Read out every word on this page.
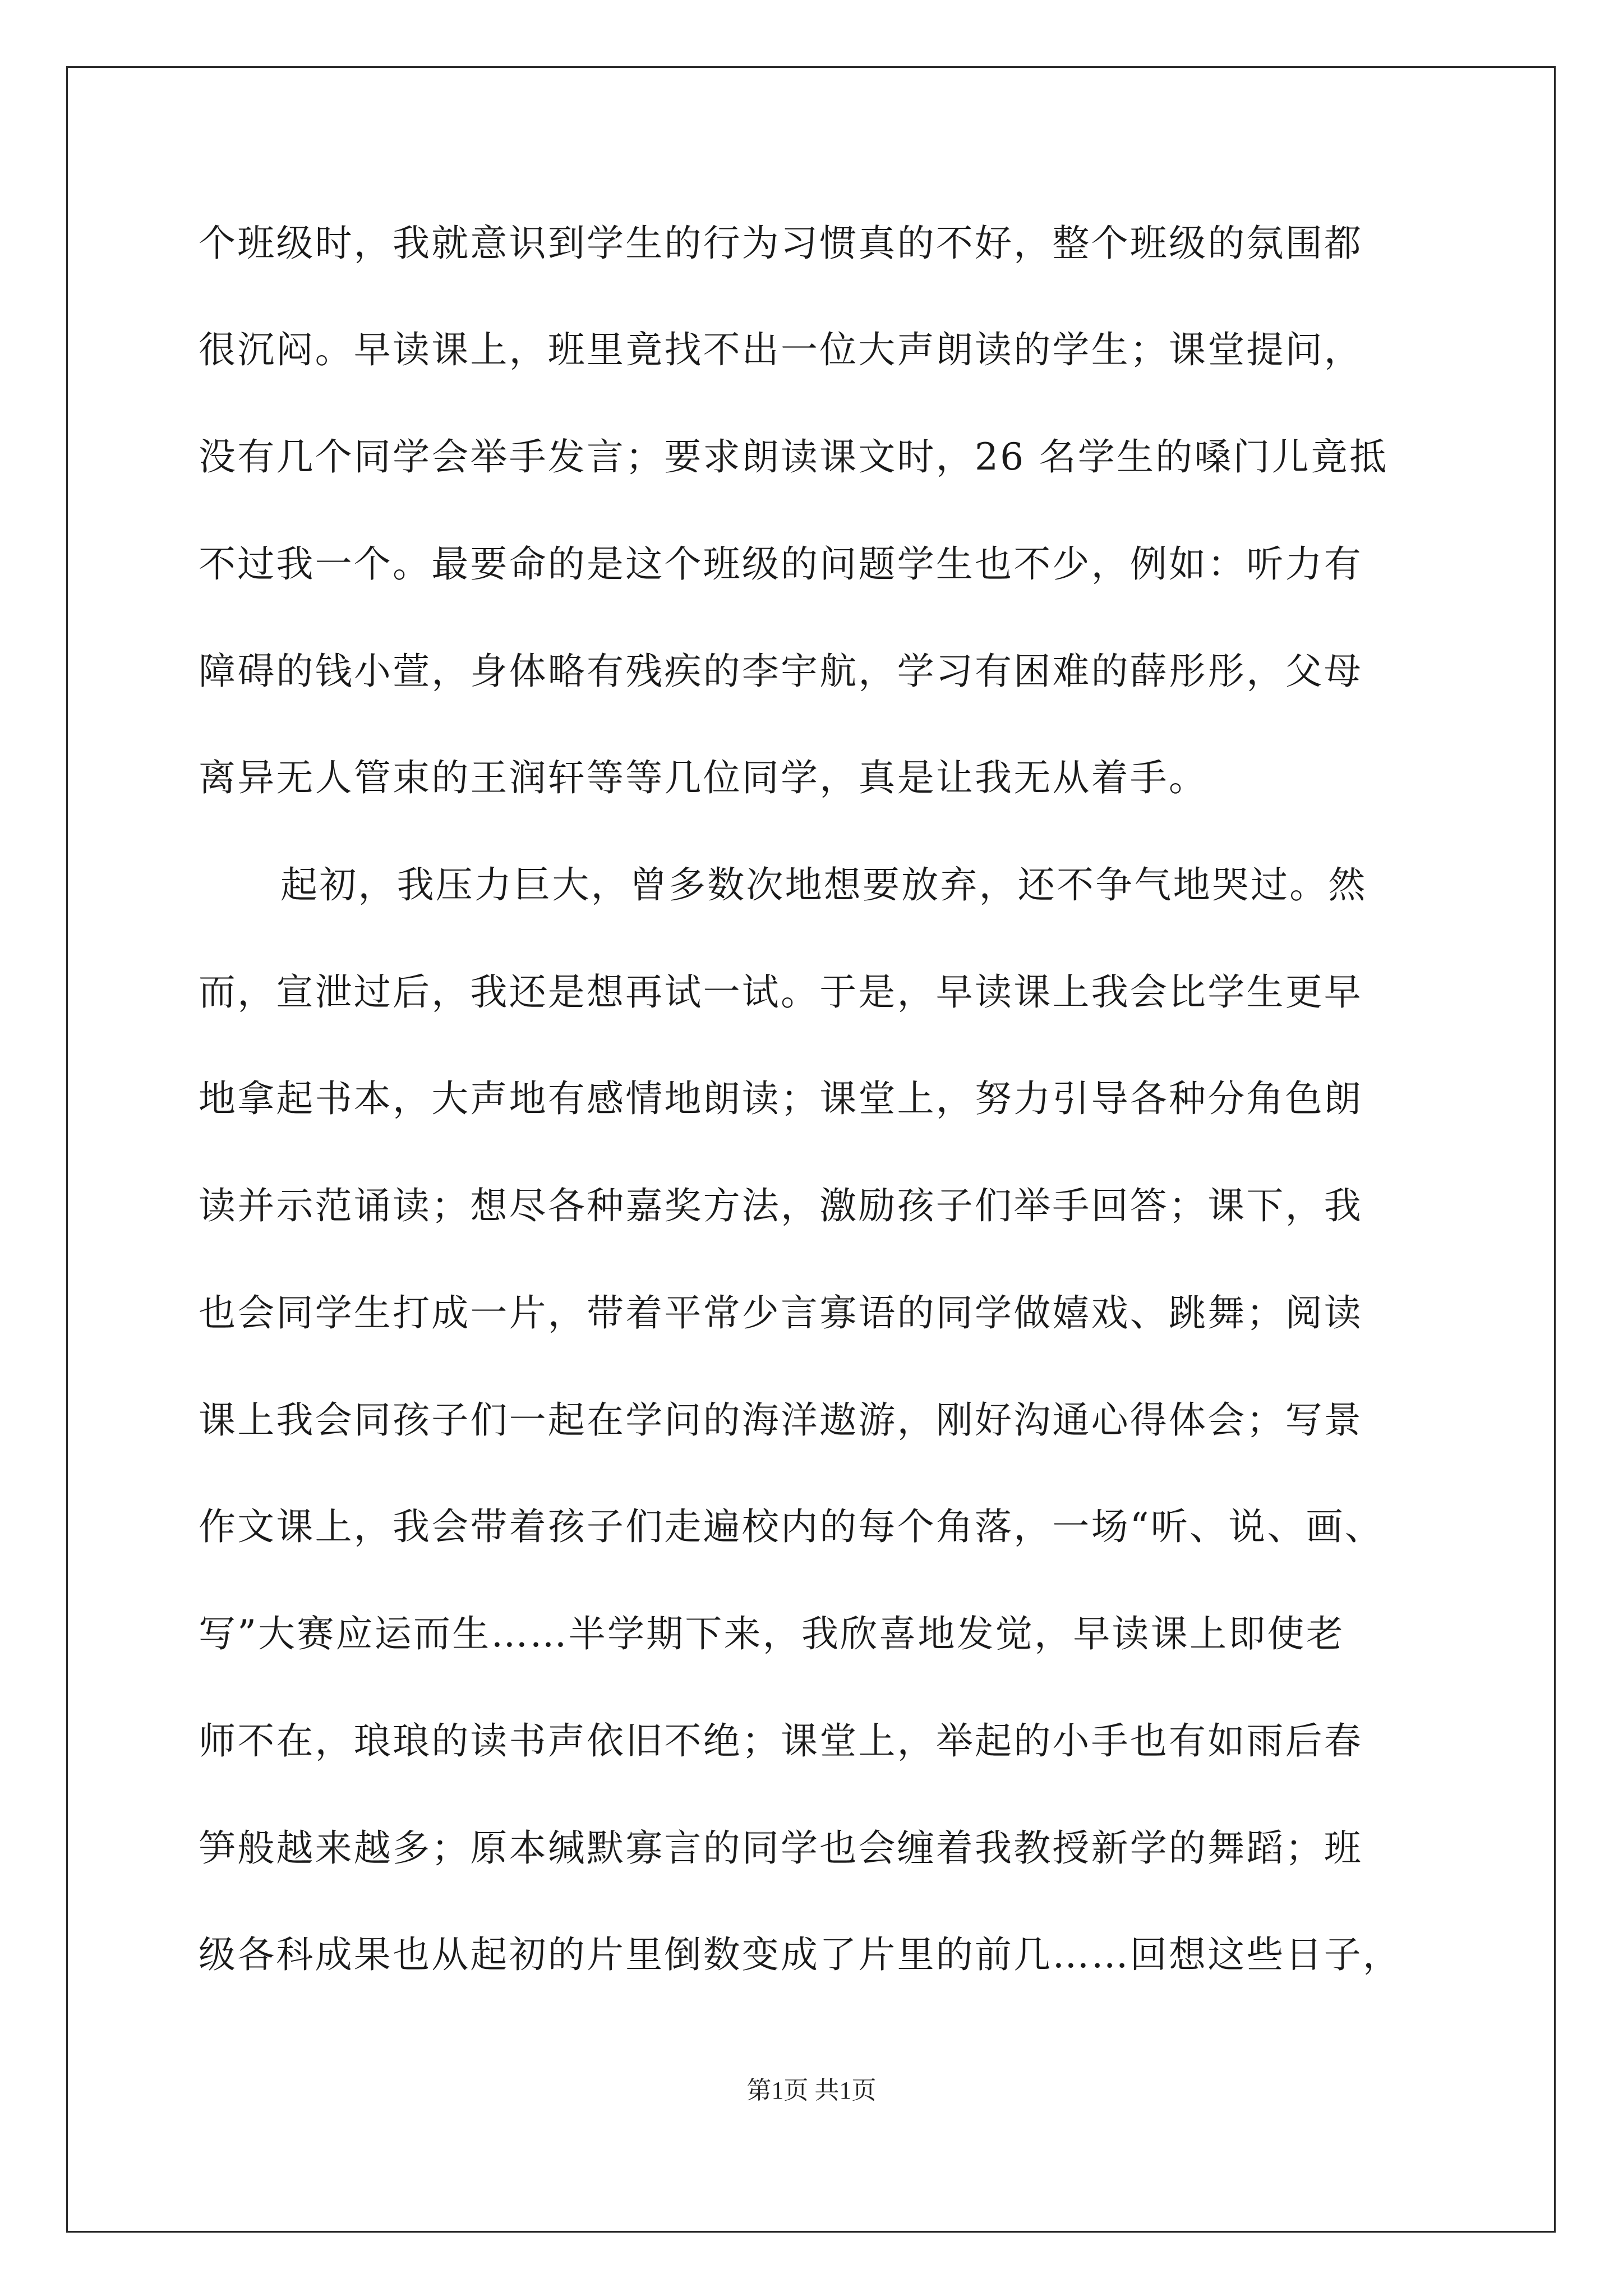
个班级时，我就意识到学生的行为习惯真的不好，整个班级的氛围都
很沉闷。早读课上，班里竟找不出一位大声朗读的学生；课堂提问，
没有几个同学会举手发言；要求朗读课文时，26 名学生的嗓门儿竟抵
不过我一个。最要命的是这个班级的问题学生也不少，例如：听力有
障碍的钱小萱，身体略有残疾的李宇航，学习有困难的薛彤彤，父母
离异无人管束的王润轩等等几位同学，真是让我无从着手。
起初，我压力巨大，曾多数次地想要放弃，还不争气地哭过。然
而，宣泄过后，我还是想再试一试。于是，早读课上我会比学生更早
地拿起书本，大声地有感情地朗读；课堂上，努力引导各种分角色朗
读并示范诵读；想尽各种嘉奖方法，激励孩子们举手回答；课下，我
也会同学生打成一片，带着平常少言寡语的同学做嬉戏、跳舞；阅读
课上我会同孩子们一起在学问的海洋遨游，刚好沟通心得体会；写景
作文课上，我会带着孩子们走遍校内的每个角落，一场“听、说、画、
写”大赛应运而生……半学期下来，我欣喜地发觉，早读课上即使老
师不在，琅琅的读书声依旧不绝；课堂上，举起的小手也有如雨后春
笋般越来越多；原本缄默寡言的同学也会缠着我教授新学的舞蹈；班
级各科成果也从起初的片里倒数变成了片里的前几……回想这些日子，
第1页 共1页
